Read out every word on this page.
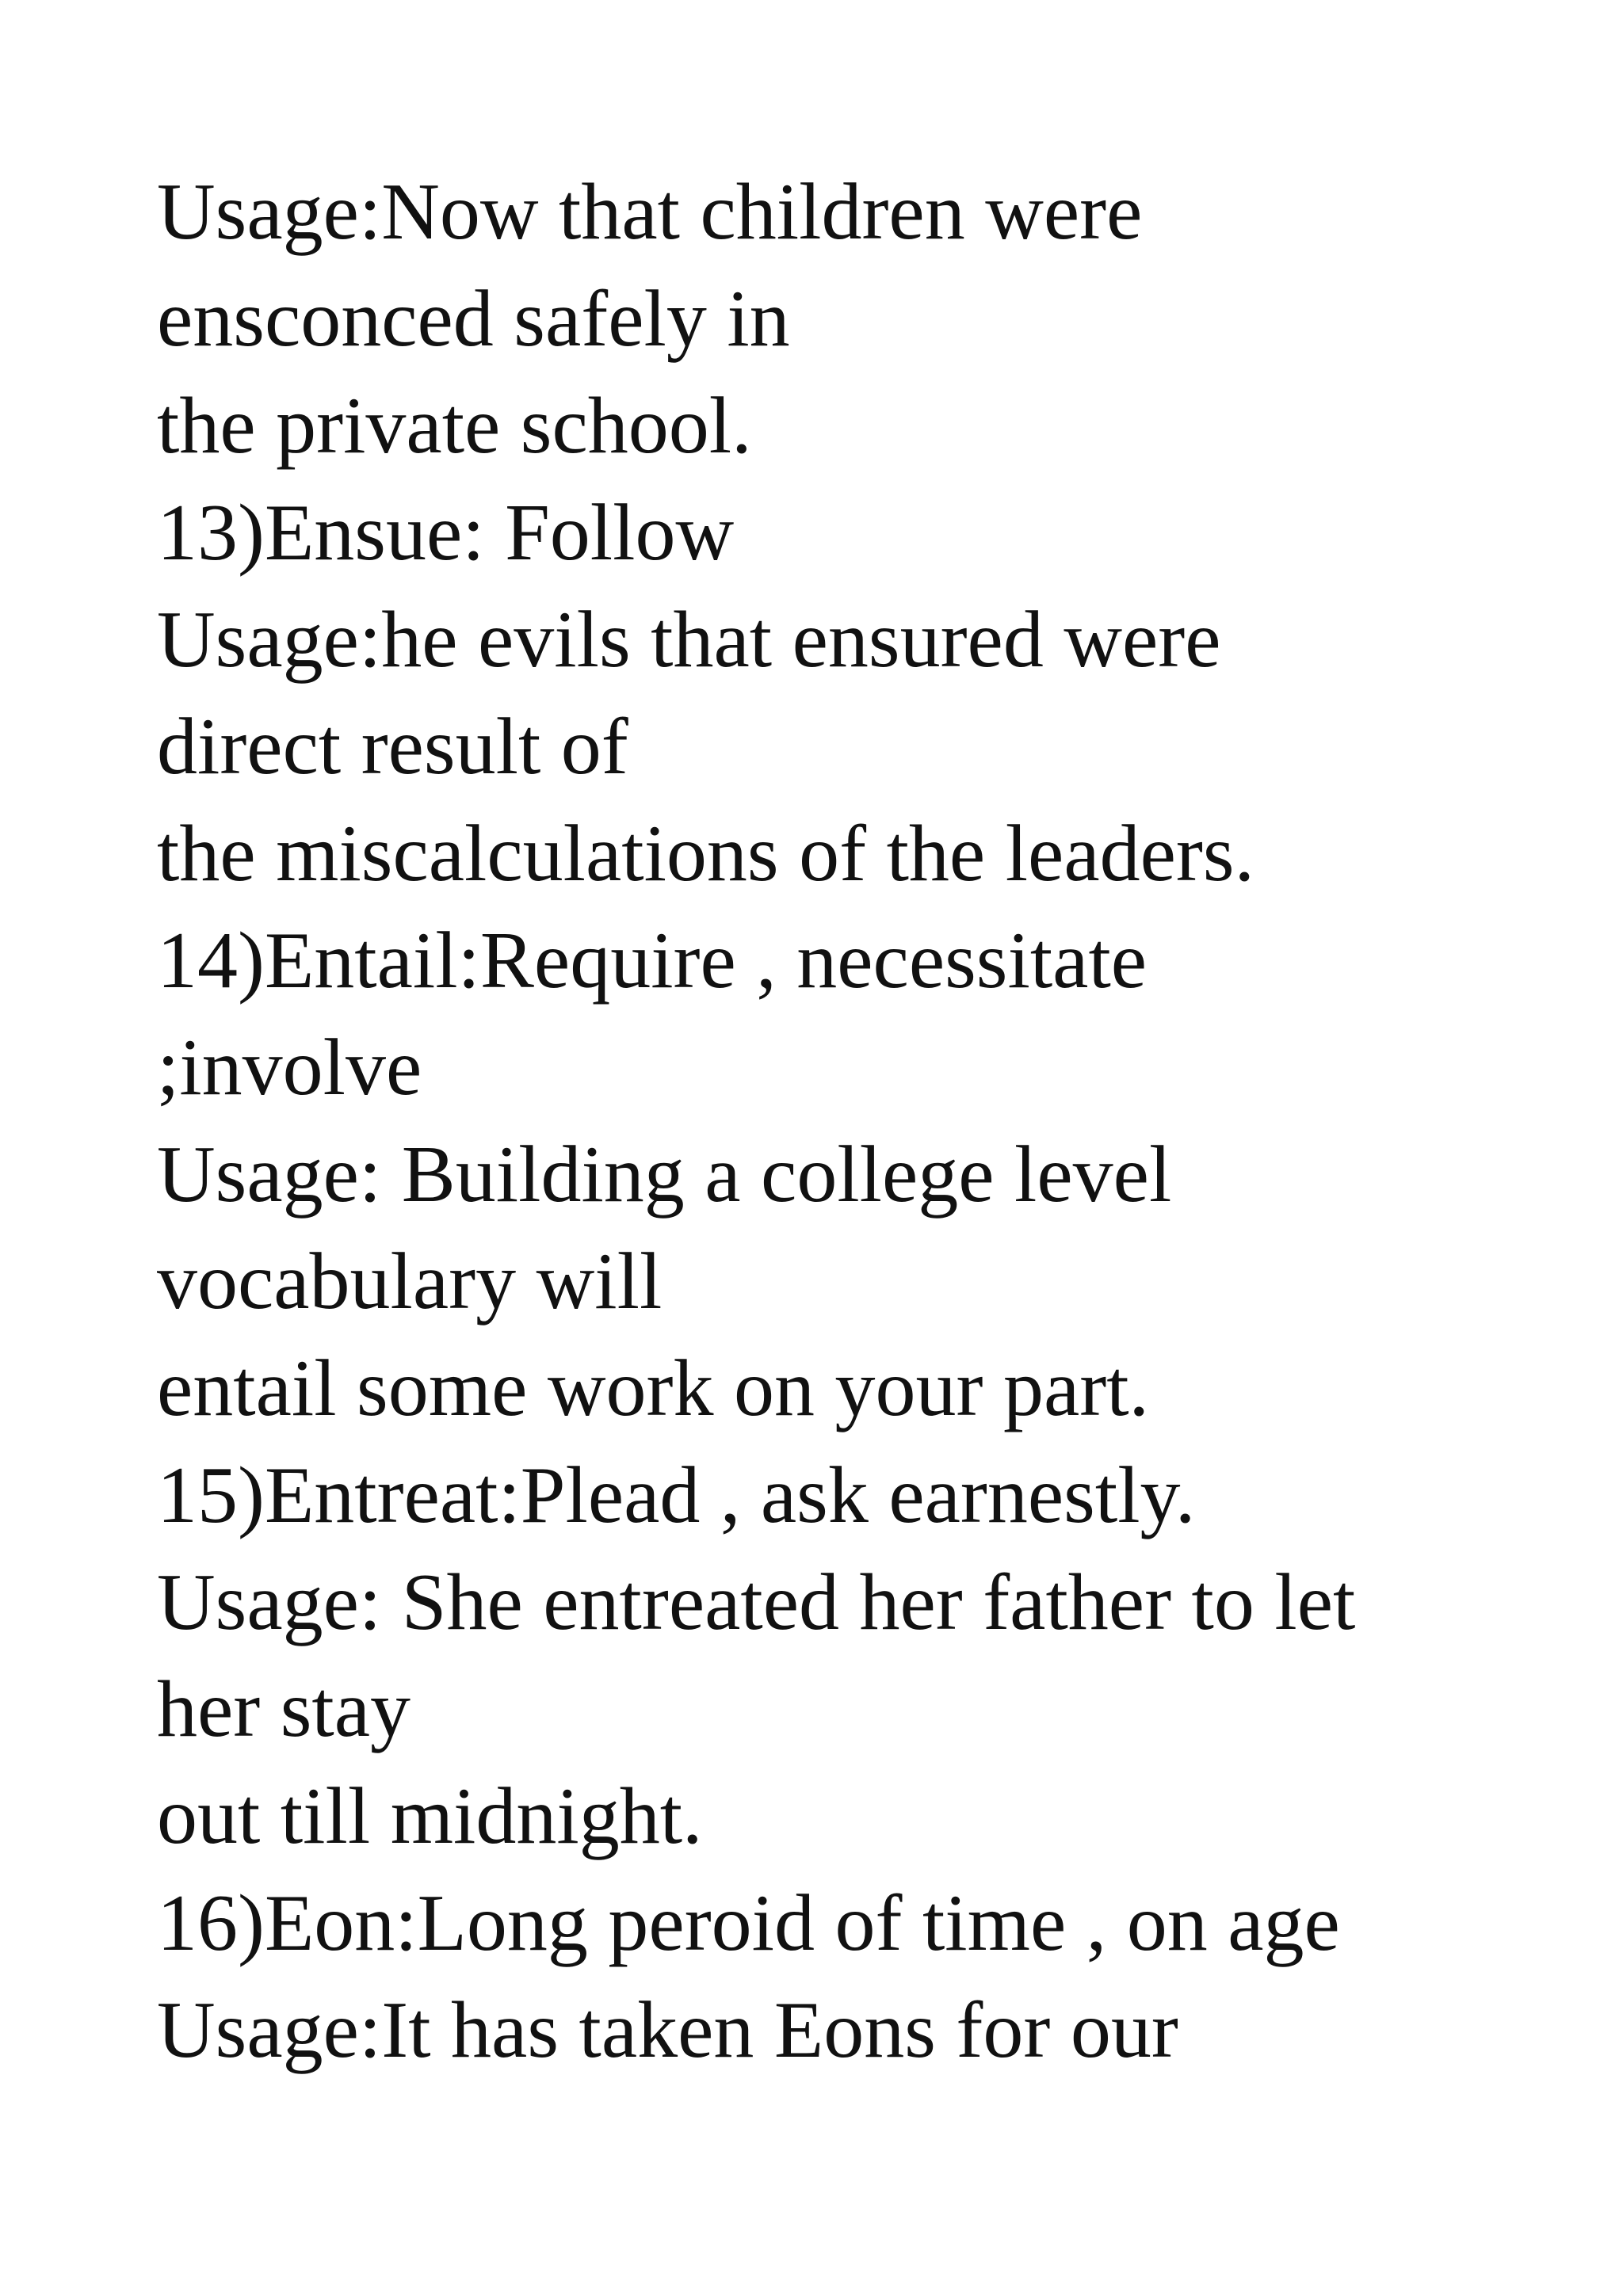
Usage:Now that children were
ensconced safely in
the private school.
13)Ensue: Follow
Usage:he evils that ensured were
direct result of
the miscalculations of the leaders.
14)Entail:Require , necessitate
;involve
Usage: Building a college level
vocabulary will
entail some work on your part.
15)Entreat:Plead , ask earnestly.
Usage: She entreated her father to let
her stay
out till midnight.
16)Eon:Long peroid of time , on age
Usage:It has taken Eons for our
